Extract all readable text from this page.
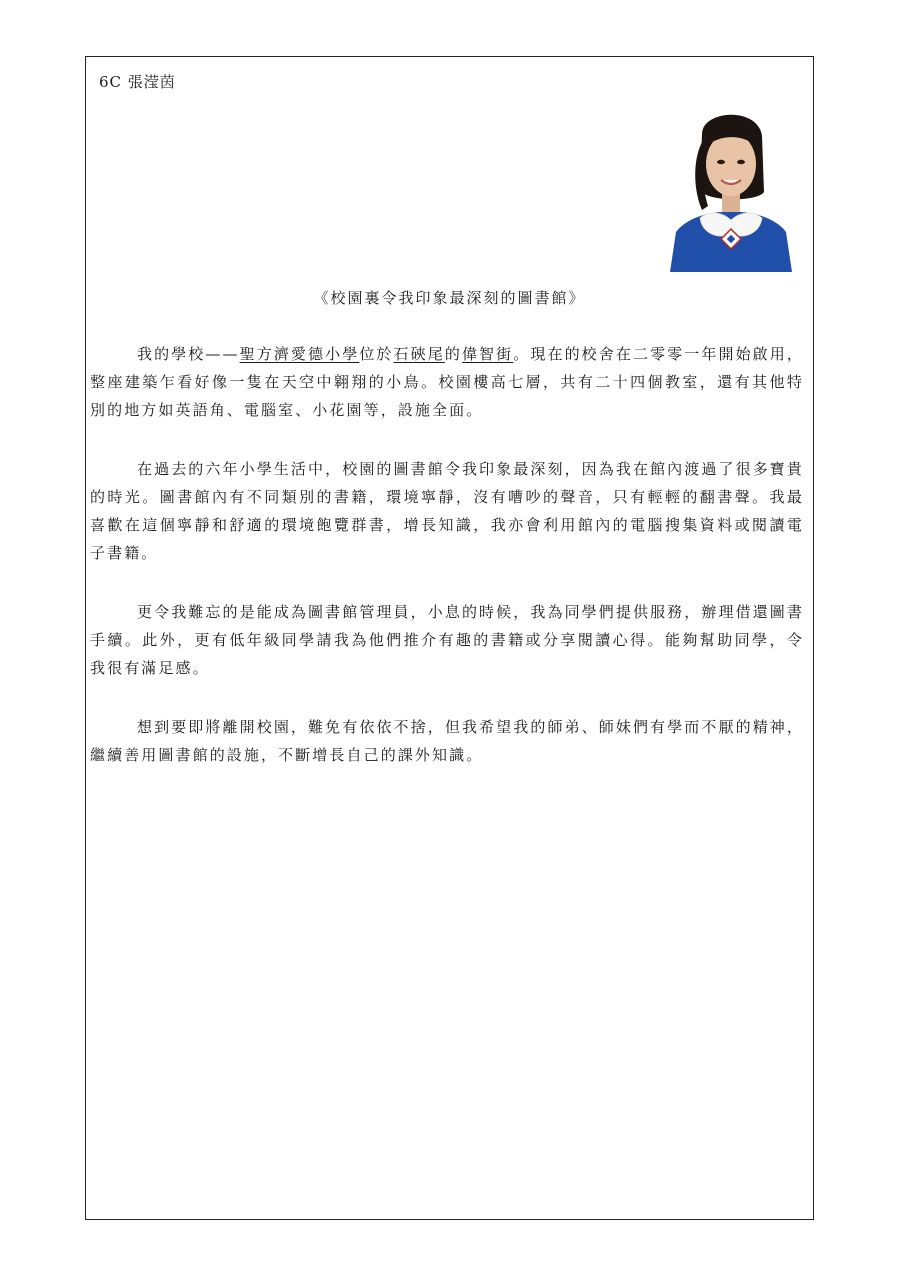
6C 張滢茵
《校園裏令我印象最深刻的圖書館》

我的學校——聖方濟愛德小學位於石硤尾的偉智街。現在的校舍在二零零一年開始啟用，整座建築乍看好像一隻在天空中翱翔的小鳥。校園樓高七層，共有二十四個教室，還有其他特別的地方如英語角、電腦室、小花園等，設施全面。

在過去的六年小學生活中，校園的圖書館令我印象最深刻，因為我在館內渡過了很多寶貴的時光。圖書館內有不同類別的書籍，環境寧靜，沒有嘈吵的聲音，只有輕輕的翻書聲。我最喜歡在這個寧靜和舒適的環境飽覽群書，增長知識，我亦會利用館內的電腦搜集資料或閱讀電子書籍。

更令我難忘的是能成為圖書館管理員，小息的時候，我為同學們提供服務，辦理借還圖書手續。此外，更有低年級同學請我為他們推介有趣的書籍或分享閱讀心得。能夠幫助同學，令我很有滿足感。

想到要即將離開校園，難免有依依不捨，但我希望我的師弟、師妹們有學而不厭的精神，繼續善用圖書館的設施，不斷增長自己的課外知識。
